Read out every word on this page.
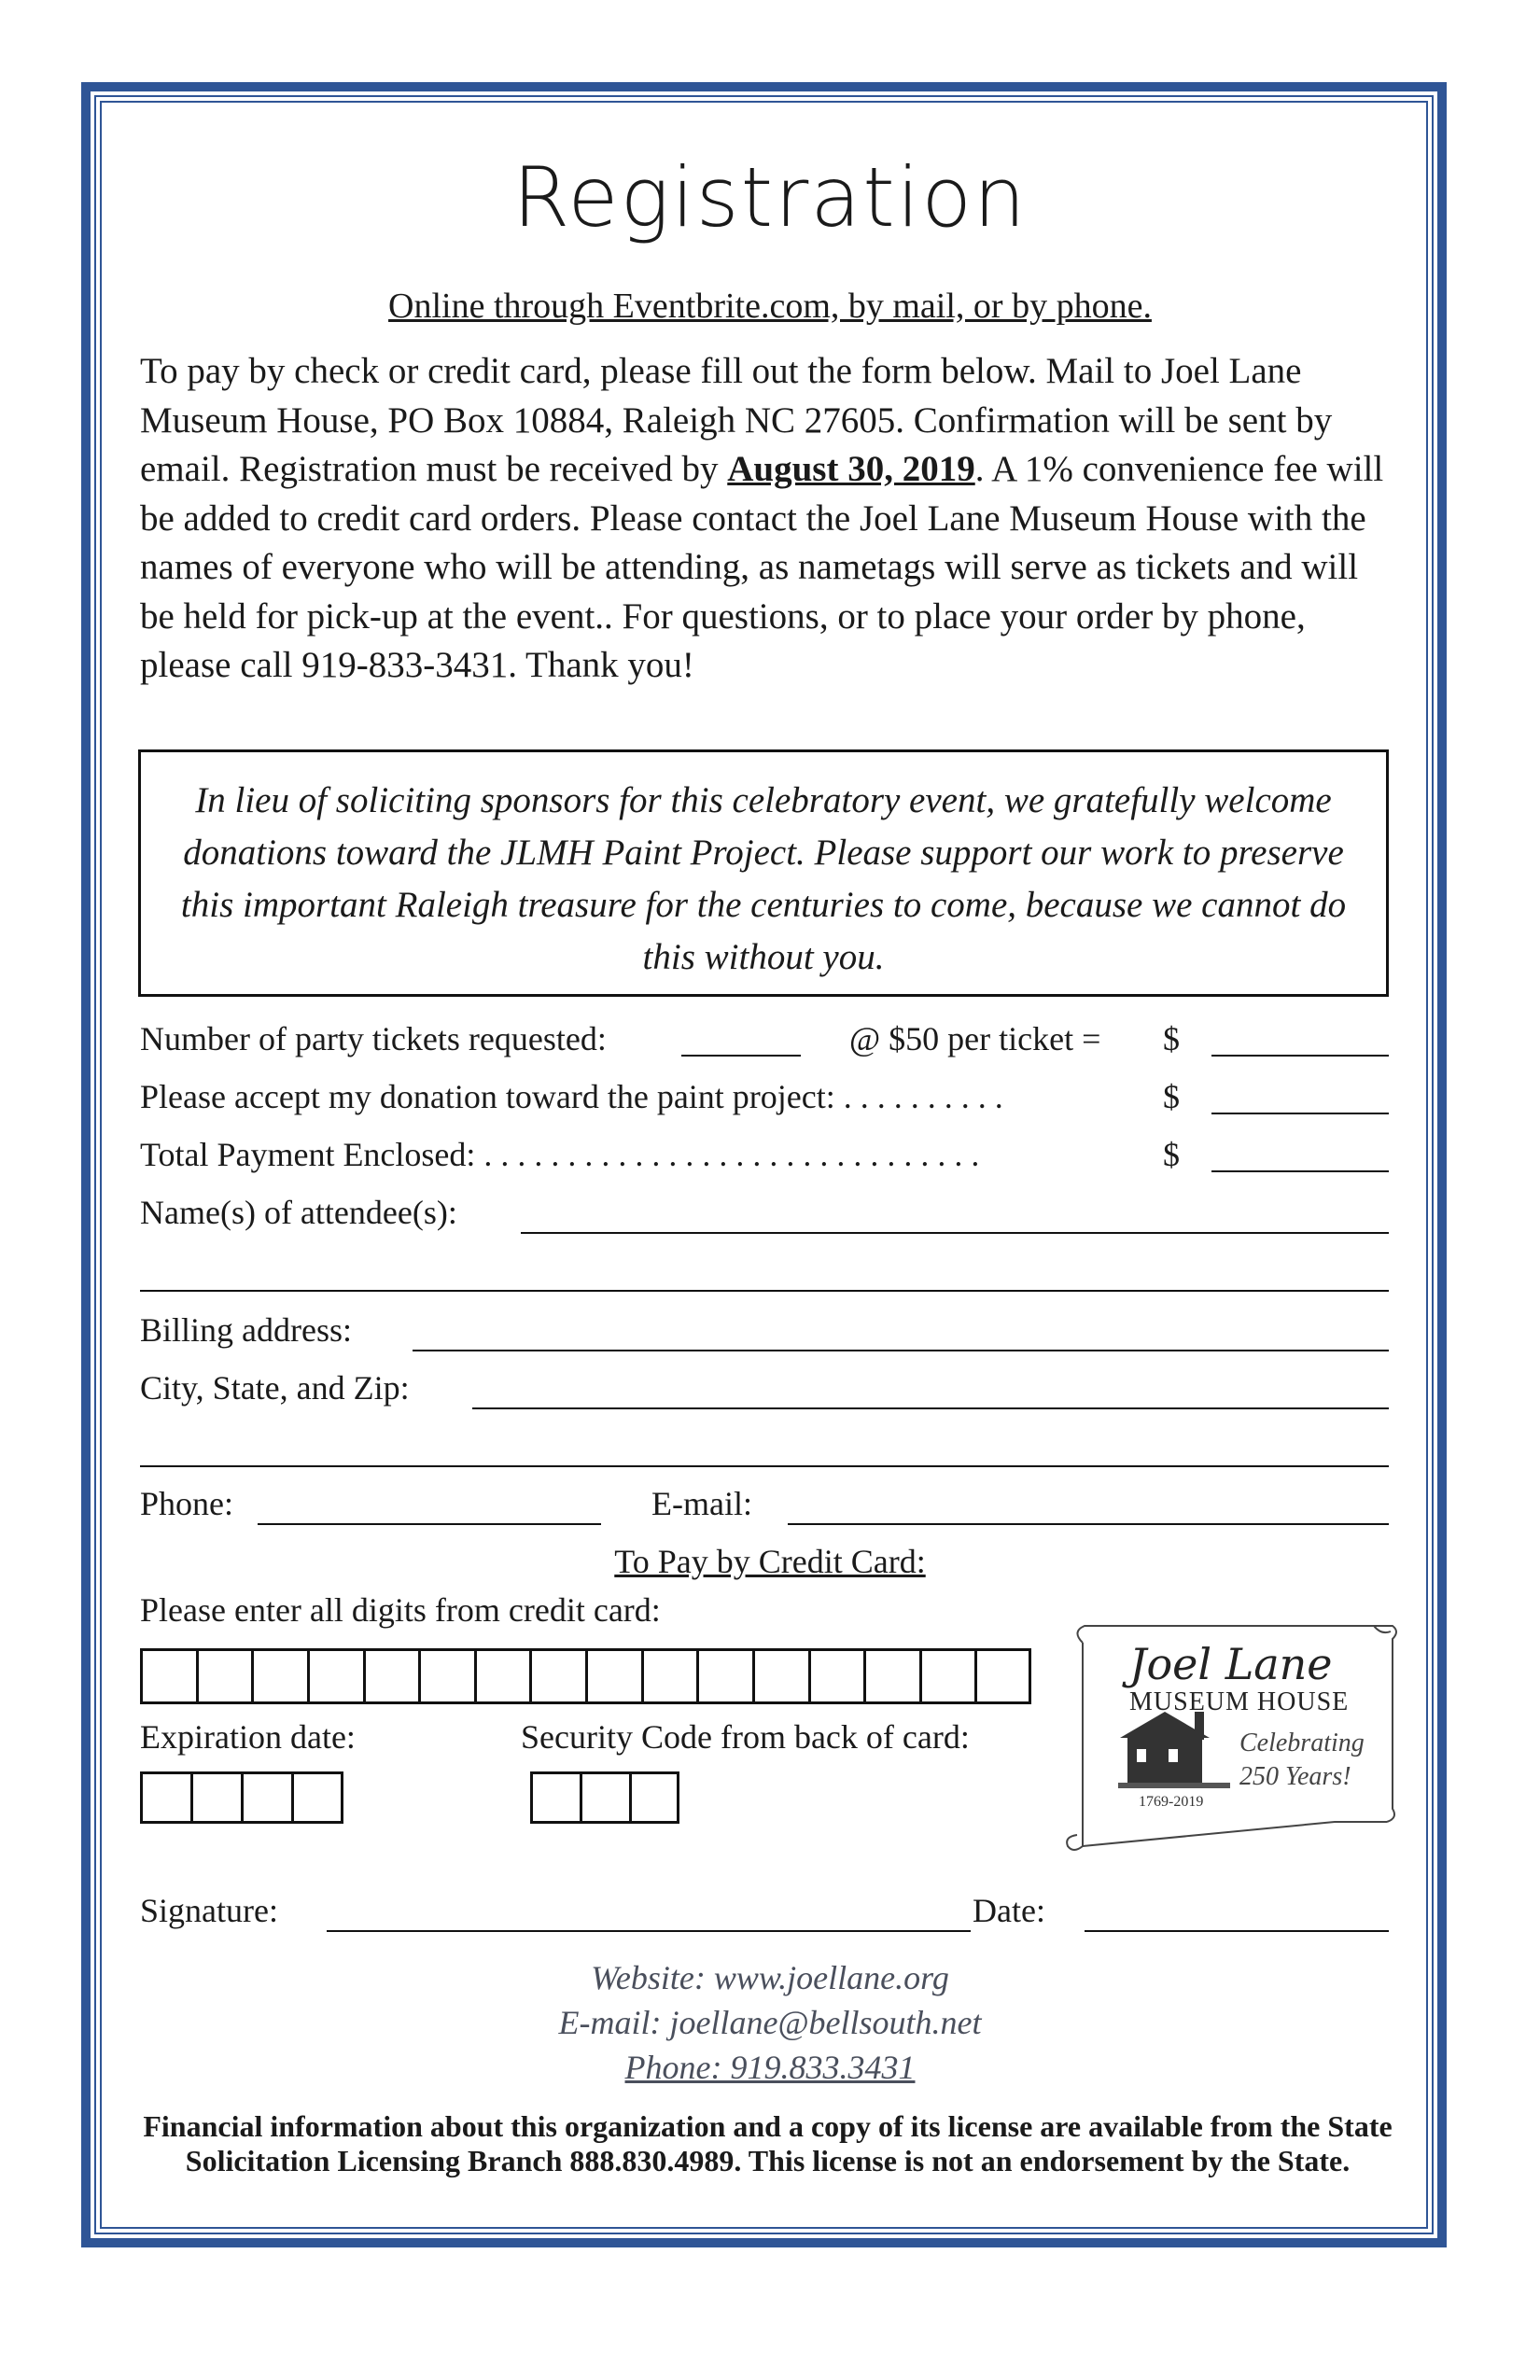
Registration
Online through Eventbrite.com, by mail, or by phone.
To pay by check or credit card, please fill out the form below. Mail to Joel Lane Museum House, PO Box 10884, Raleigh NC 27605. Confirmation will be sent by email. Registration must be received by August 30, 2019. A 1% convenience fee will be added to credit card orders. Please contact the Joel Lane Museum House with the names of everyone who will be attending, as nametags will serve as tickets and will be held for pick-up at the event.. For questions, or to place your order by phone, please call 919-833-3431. Thank you!
In lieu of soliciting sponsors for this celebratory event, we gratefully welcome donations toward the JLMH Paint Project. Please support our work to preserve this important Raleigh treasure for the centuries to come, because we cannot do this without you.
Number of party tickets requested:	@ $50 per ticket = $
Please accept my donation toward the paint project: . . . . . . . . . .	$
Total Payment Enclosed: . . . . . . . . . . . . . . . . . . . . . . . . . . . . . .	$
Name(s) of attendee(s):
Billing address:
City, State, and Zip:
Phone:	E-mail:
To Pay by Credit Card:
Please enter all digits from credit card:
Expiration date:	Security Code from back of card:
Joel Lane
MUSEUM HOUSE
Celebrating
250 Years!
1769-2019
Signature:	Date:
Website: www.joellane.org
E-mail: joellane@bellsouth.net
Phone: 919.833.3431
Financial information about this organization and a copy of its license are available from the State Solicitation Licensing Branch 888.830.4989. This license is not an endorsement by the State.
